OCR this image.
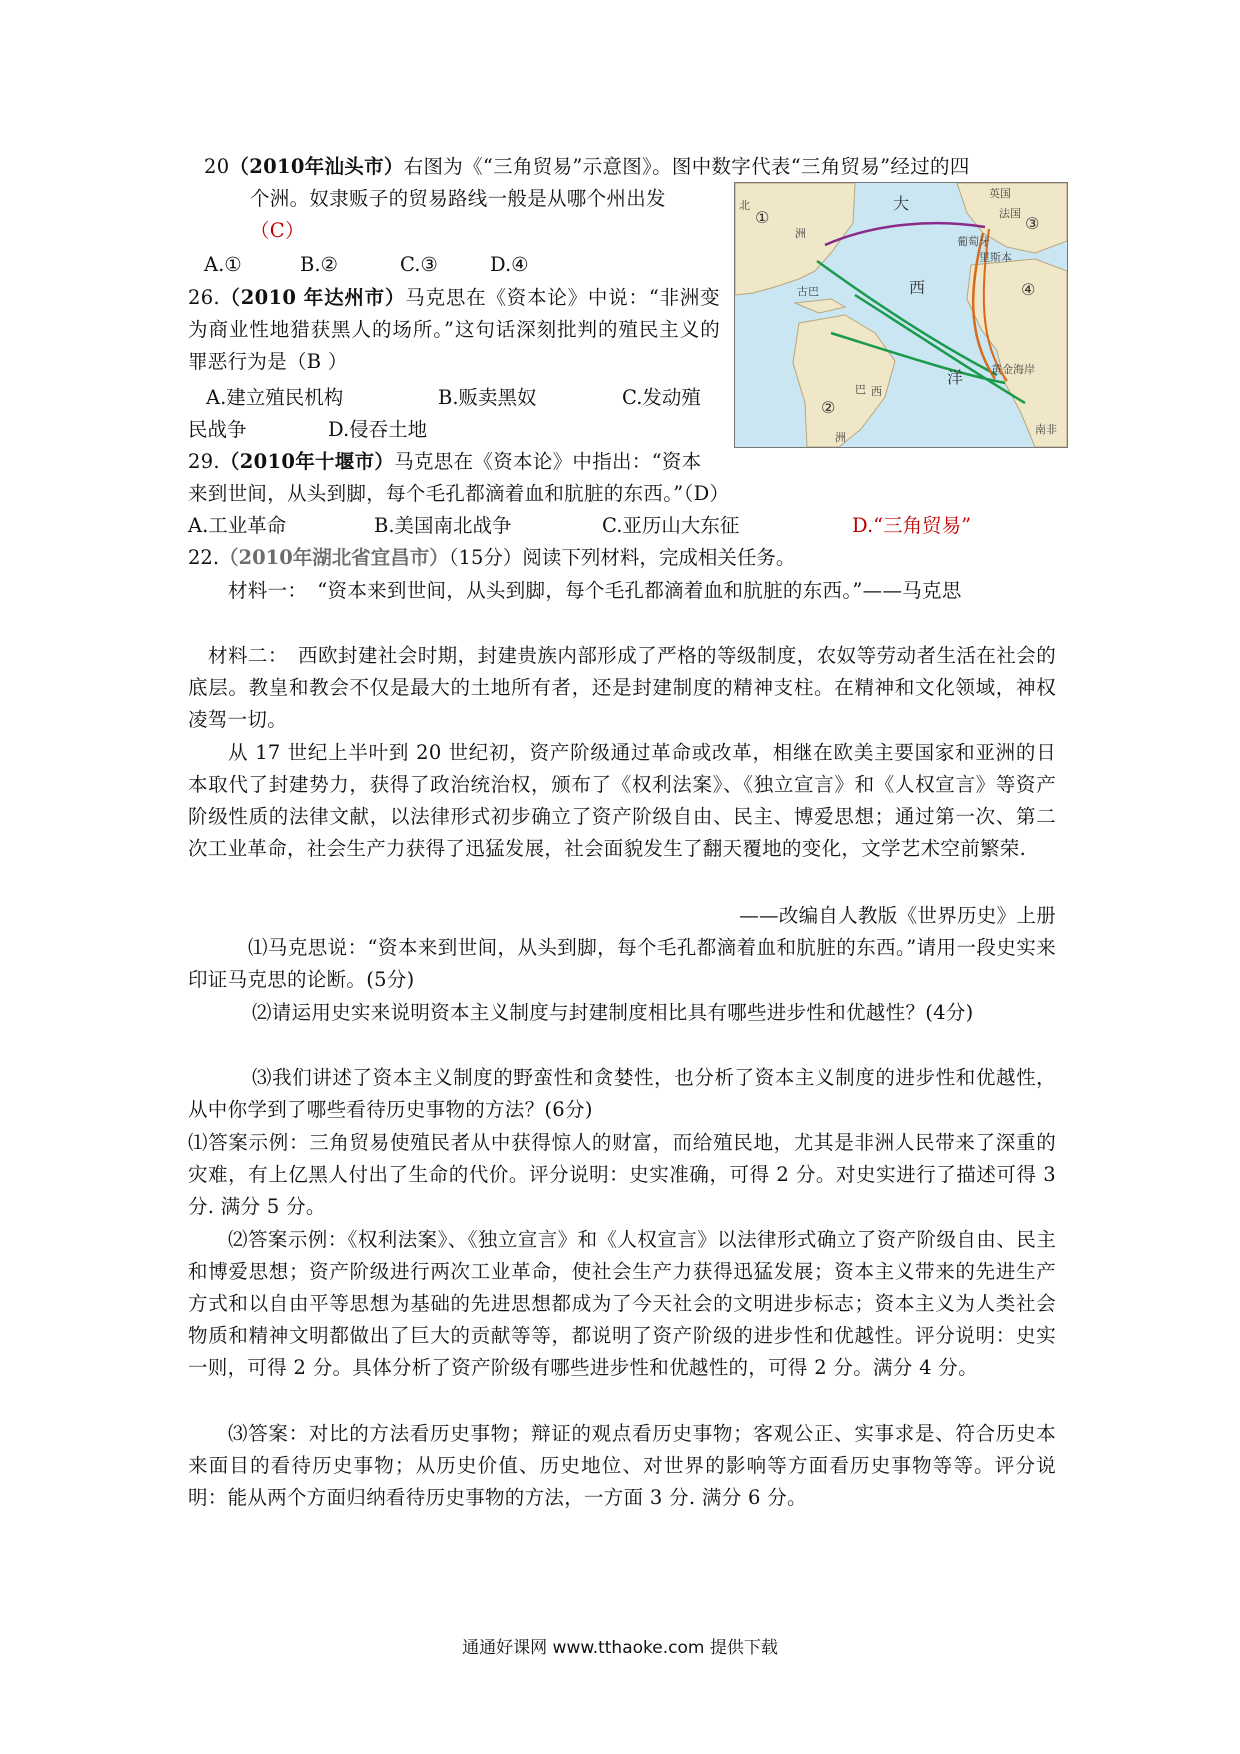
20（2010年汕头市）右图为《“三角贸易”示意图》。图中数字代表“三角贸易”经过的四
个洲。奴隶贩子的贸易路线一般是从哪个州出发
（C）
A.①	B.②	C.③	D.④
26.（2010 年达州市）马克思在《资本论》中说：“非洲变为商业性地猎获黑人的场所。”这句话深刻批判的殖民主义的罪恶行为是（B ）
A.建立殖民机构	B.贩卖黑奴	C.发动殖
民战争	D.侵吞土地
①
②
③
④
大
西
洋
北
洲
巴 西
洲
法国
英国
葡萄牙
里斯本
古巴
黄金海岸
南非
29.（2010年十堰市）马克思在《资本论》中指出：“资本来到世间，从头到脚，每个毛孔都滴着血和肮脏的东西。”（D）
A.工业革命	B.美国南北战争	C.亚历山大东征	D.“三角贸易”
22.（2010年湖北省宜昌市）（15分）阅读下列材料，完成相关任务。
材料一：　“资本来到世间，从头到脚，每个毛孔都滴着血和肮脏的东西。”——马克思
材料二：　西欧封建社会时期，封建贵族内部形成了严格的等级制度，农奴等劳动者生活在社会的底层。教皇和教会不仅是最大的土地所有者，还是封建制度的精神支柱。在精神和文化领域，神权凌驾一切。
从 17 世纪上半叶到 20 世纪初，资产阶级通过革命或改革，相继在欧美主要国家和亚洲的日本取代了封建势力，获得了政治统治权，颁布了《权利法案》、《独立宣言》和《人权宣言》等资产阶级性质的法律文献，以法律形式初步确立了资产阶级自由、民主、博爱思想；通过第一次、第二次工业革命，社会生产力获得了迅猛发展，社会面貌发生了翻天覆地的变化，文学艺术空前繁荣.
——改编自人教版《世界历史》上册
⑴马克思说：“资本来到世间，从头到脚，每个毛孔都滴着血和肮脏的东西。”请用一段史实来印证马克思的论断。(5分)
⑵请运用史实来说明资本主义制度与封建制度相比具有哪些进步性和优越性？(4分)
⑶我们讲述了资本主义制度的野蛮性和贪婪性，也分析了资本主义制度的进步性和优越性，从中你学到了哪些看待历史事物的方法？(6分)
⑴答案示例：三角贸易使殖民者从中获得惊人的财富，而给殖民地，尤其是非洲人民带来了深重的灾难，有上亿黑人付出了生命的代价。评分说明：史实准确，可得 2 分。对史实进行了描述可得 3 分. 满分 5 分。
⑵答案示例：《权利法案》、《独立宣言》和《人权宣言》以法律形式确立了资产阶级自由、民主和博爱思想；资产阶级进行两次工业革命，使社会生产力获得迅猛发展；资本主义带来的先进生产方式和以自由平等思想为基础的先进思想都成为了今天社会的文明进步标志；资本主义为人类社会物质和精神文明都做出了巨大的贡献等等，都说明了资产阶级的进步性和优越性。评分说明：史实一则，可得 2 分。具体分析了资产阶级有哪些进步性和优越性的，可得 2 分。满分 4 分。
⑶答案：对比的方法看历史事物；辩证的观点看历史事物；客观公正、实事求是、符合历史本来面目的看待历史事物；从历史价值、历史地位、对世界的影响等方面看历史事物等等。评分说明：能从两个方面归纳看待历史事物的方法，一方面 3 分. 满分 6 分。
通通好课网 www.tthaoke.com 提供下载
